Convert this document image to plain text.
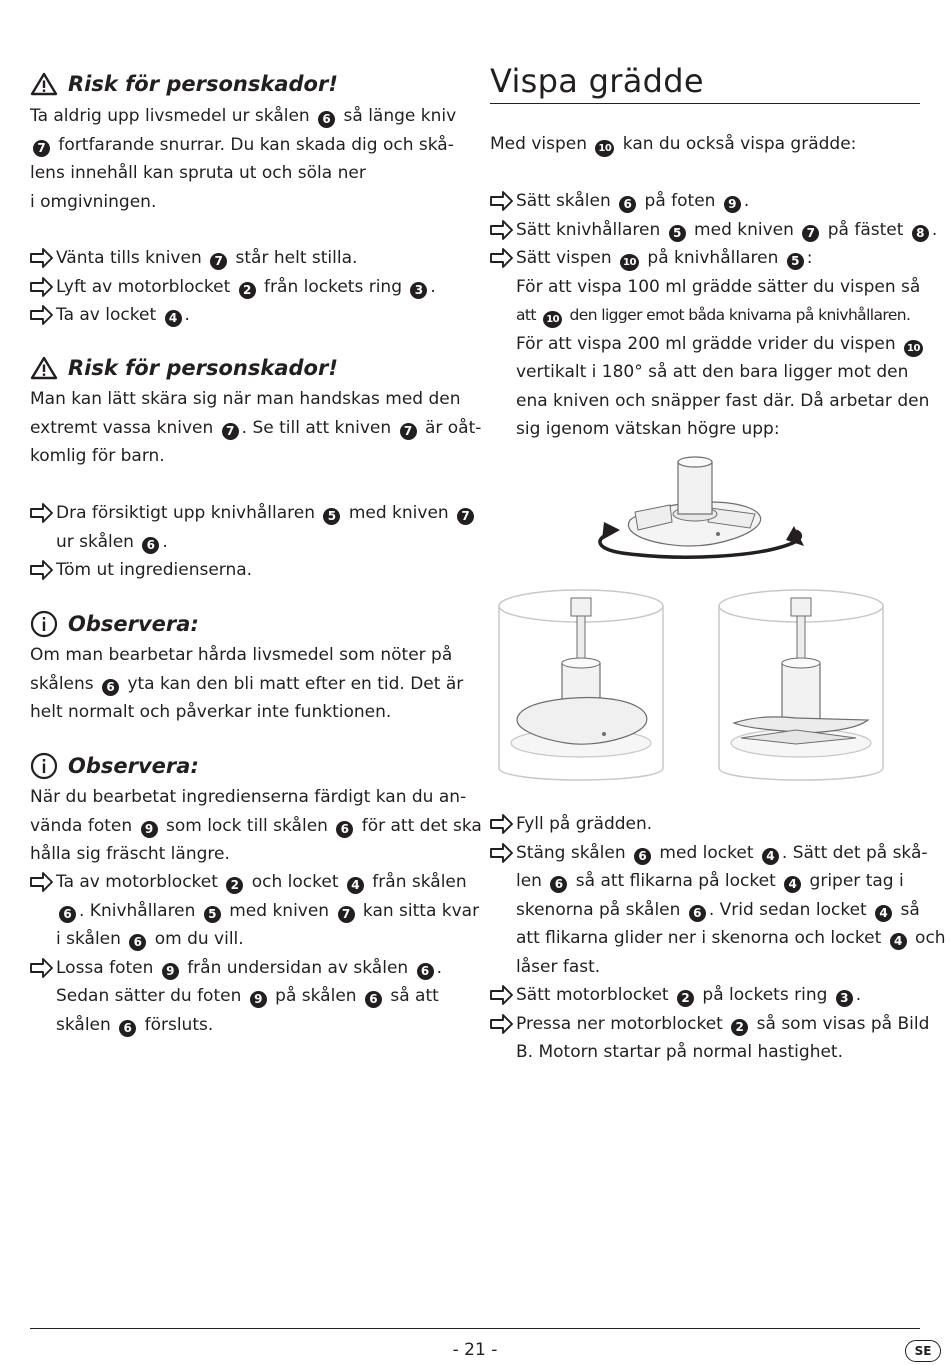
Risk för personskador!
Ta aldrig upp livsmedel ur skålen 6 så länge kniv
7 fortfarande snurrar. Du kan skada dig och skå-
lens innehåll kan spruta ut och söla ner
i omgivningen.
Risk för personskador!
Man kan lätt skära sig när man handskas med den
extremt vassa kniven 7 . Se till att kniven 7 är oåt-
komlig för barn.
Observera:
Om man bearbetar hårda livsmedel som nöter på
skålens 6 yta kan den bli matt efter en tid. Det är
helt normalt och påverkar inte funktionen.
Observera:
När du bearbetat ingredienserna färdigt kan du an-
vända foten 9 som lock till skålen 6 för att det ska
hålla sig fräscht längre.
Vispa grädde
Med vispen 10 kan du också vispa grädde:
- 21 -	SE
Vänta tills kniven 7 står helt stilla.
Lyft av motorblocket 2 från lockets ring 3 .
Ta av locket 4 .
Dra försiktigt upp knivhållaren 5 med kniven 7
ur skålen 6 .
Töm ut ingredienserna.
Ta av motorblocket 2 och locket 4 från skålen
6 . Knivhållaren 5 med kniven 7 kan sitta kvar
i skålen 6 om du vill.
Lossa foten 9 från undersidan av skålen 6 .
Sedan sätter du foten 9 på skålen 6 så att
skålen 6 försluts.
Sätt skålen 6 på foten 9 .
Sätt knivhållaren 5 med kniven 7 på fästet 8 .
Sätt vispen 10 på knivhållaren 5 :
För att vispa 100 ml grädde sätter du vispen så
att 10 den ligger emot båda knivarna på knivhållaren.
För att vispa 200 ml grädde vrider du vispen 10
vertikalt i 180° så att den bara ligger mot den
ena kniven och snäpper fast där. Då arbetar den
sig igenom vätskan högre upp:
Fyll på grädden.
Stäng skålen 6 med locket 4 . Sätt det på skå-
len 6 så att flikarna på locket 4 griper tag i
skenorna på skålen 6 . Vrid sedan locket 4 så
att flikarna glider ner i skenorna och locket 4 och
låser fast.
Sätt motorblocket 2 på lockets ring 3 .
Pressa ner motorblocket 2 så som visas på Bild
B. Motorn startar på normal hastighet.
